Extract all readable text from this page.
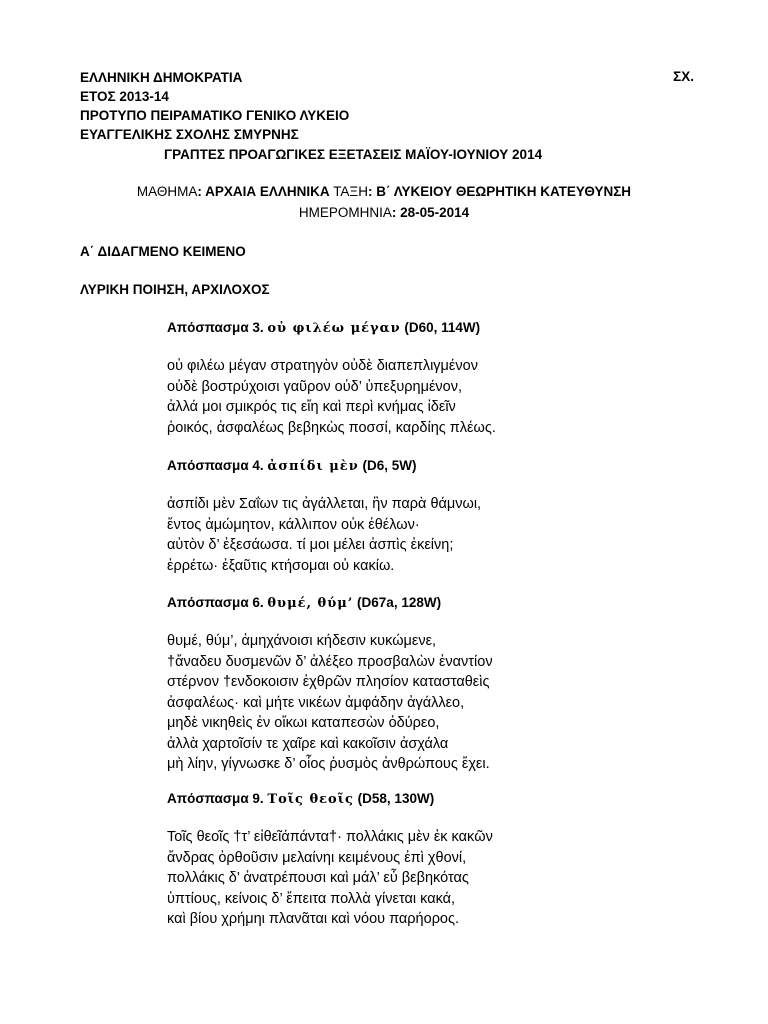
ΕΛΛΗΝΙΚΗ ΔΗΜΟΚΡΑΤΙΑ	ΣΧ.
ΕΤΟΣ 2013-14
ΠΡΟΤΥΠΟ ΠΕΙΡΑΜΑΤΙΚΟ ΓΕΝΙΚΟ ΛΥΚΕΙΟ
ΕΥΑΓΓΕΛΙΚΗΣ ΣΧΟΛΗΣ ΣΜΥΡΝΗΣ
ΓΡΑΠΤΕΣ ΠΡΟΑΓΩΓΙΚΕΣ ΕΞΕΤΑΣΕΙΣ ΜΑΪΟΥ-ΙΟΥΝΙΟΥ 2014
ΜΑΘΗΜΑ: ΑΡΧΑΙΑ ΕΛΛΗΝΙΚΑ ΤΑΞΗ: Β΄ ΛΥΚΕΙΟΥ ΘΕΩΡΗΤΙΚΗ ΚΑΤΕΥΘΥΝΣΗ
ΗΜΕΡΟΜΗΝΙΑ: 28-05-2014
Α΄ ΔΙΔΑΓΜΕΝΟ ΚΕΙΜΕΝΟ
ΛΥΡΙΚΗ ΠΟΙΗΣΗ, ΑΡΧΙΛΟΧΟΣ
Απόσπασμα 3. οὐ φιλέω μέγαν (D60, 114W)
οὐ φιλέω μέγαν στρατηγὸν οὐδὲ διαπεπλιγμένον
οὐδὲ βοστρύχοισι γαῦρον οὐδ’ ὑπεξυρημένον,
ἀλλά μοι σμικρός τις εἴη καὶ περὶ κνήμας ἰδεῖν
ῥοικός, ἀσφαλέως βεβηκὼς ποσσί, καρδίης πλέως.
Απόσπασμα 4. ἀσπίδι μὲν (D6, 5W)
ἀσπίδι μὲν Σαΐων τις ἀγάλλεται, ἣν παρὰ θάμνωι,
ἔντος ἀμώμητον, κάλλιπον οὐκ ἐθέλων·
αὐτὸν δ’ ἐξεσάωσα. τί μοι μέλει ἀσπὶς ἐκείνη;
ἐρρέτω· ἐξαῦτις κτήσομαι οὐ κακίω.
Απόσπασμα 6. θυμέ, θύμ’ (D67a, 128W)
θυμέ, θύμ’, ἀμηχάνοισι κήδεσιν κυκώμενε,
†ἄναδευ δυσμενῶν δ’ ἀλέξεο προσβαλὼν ἐναντίον
στέρνον †ενδοκοισιν ἐχθρῶν πλησίον κατασταθεὶς
ἀσφαλέως· καὶ μήτε νικέων ἀμφάδην ἀγάλλεο,
μηδὲ νικηθεὶς ἐν οἴκωι καταπεσὼν ὀδύρεο,
ἀλλὰ χαρτοῖσίν τε χαῖρε καὶ κακοῖσιν ἀσχάλα
μὴ λίην, γίγνωσκε δ’ οἷος ῥυσμὸς ἀνθρώπους ἔχει.
Απόσπασμα 9. Τοῖς θεοῖς (D58, 130W)
Τοῖς θεοῖς †τ’ εἰθεῖάπάντα†· πολλάκις μὲν ἐκ κακῶν
ἄνδρας ὀρθοῦσιν μελαίνηι κειμένους ἐπὶ χθονί,
πολλάκις δ’ ἀνατρέπουσι καὶ μάλ’ εὖ βεβηκότας
ὑπτίους, κείνοις δ’ ἔπειτα πολλὰ γίνεται κακά,
καὶ βίου χρήμηι πλανᾶται καὶ νόου παρήορος.
